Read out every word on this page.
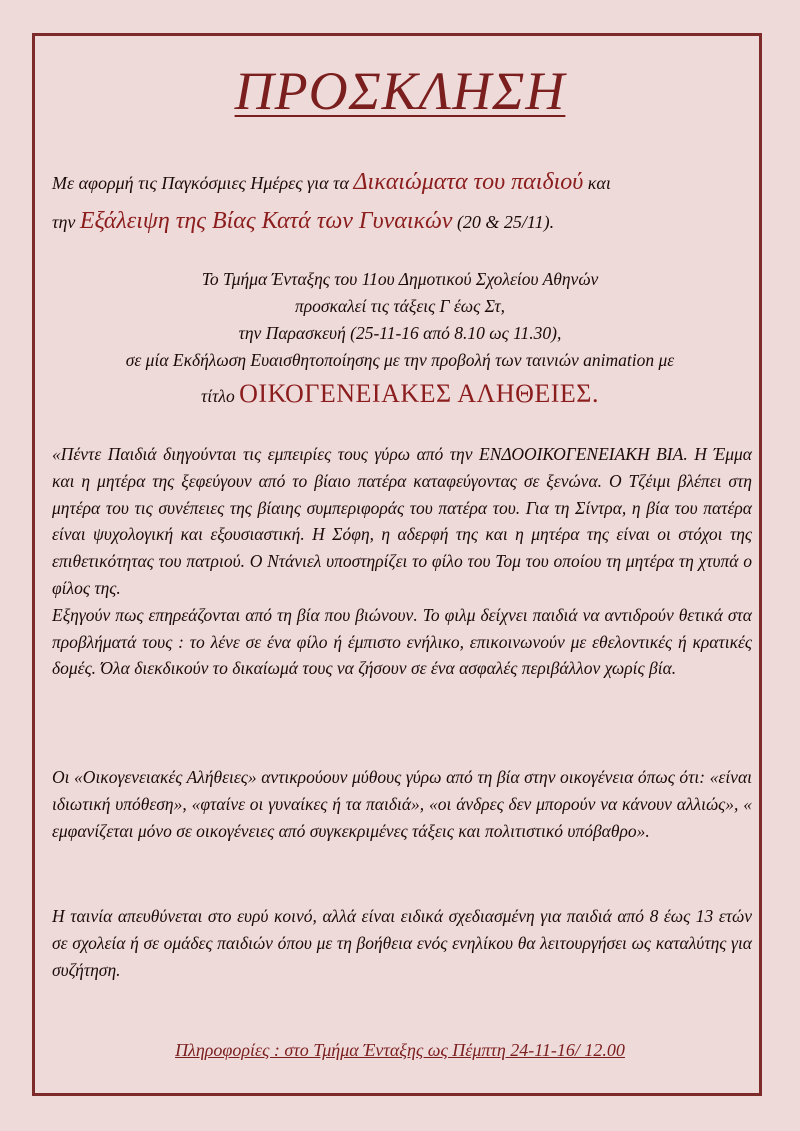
ΠΡΟΣΚΛΗΣΗ
Με αφορμή τις Παγκόσμιες Ημέρες για τα Δικαιώματα του παιδιού και
την Εξάλειψη της Βίας Κατά των Γυναικών (20 & 25/11).
Το Τμήμα Ένταξης του 11ου Δημοτικού Σχολείου Αθηνών
προσκαλεί τις τάξεις Γ έως Στ,
την Παρασκευή (25-11-16 από 8.10 ως 11.30),
σε μία Εκδήλωση Ευαισθητοποίησης με την προβολή των ταινιών animation με
τίτλο ΟΙΚΟΓΕΝΕΙΑΚΕΣ ΑΛΗΘΕΙΕΣ.

«Πέντε Παιδιά διηγούνται τις εμπειρίες τους γύρω από την ΕΝΔΟΟΙΚΟΓΕΝΕΙΑΚΗ ΒΙΑ. Η Έμμα και η μητέρα της ξεφεύγουν από το βίαιο πατέρα καταφεύγοντας σε ξενώνα. Ο Τζέιμι βλέπει στη μητέρα του τις συνέπειες της βίαιης συμπεριφοράς του πατέρα του. Για τη Σίντρα, η βία του πατέρα είναι ψυχολογική και εξουσιαστική. Η Σόφη, η αδερφή της και η μητέρα της είναι οι στόχοι της επιθετικότητας του πατριού. Ο Ντάνιελ υποστηρίζει το φίλο του Τομ του οποίου τη μητέρα τη χτυπά ο φίλος της.

Εξηγούν πως επηρεάζονται από τη βία που βιώνουν. Το φιλμ δείχνει παιδιά να αντιδρούν θετικά στα προβλήματά τους : το λένε σε ένα φίλο ή έμπιστο ενήλικο, επικοινωνούν με εθελοντικές ή κρατικές δομές. Όλα διεκδικούν το δικαίωμά τους να ζήσουν σε ένα ασφαλές περιβάλλον χωρίς βία.

Οι «Οικογενειακές Αλήθειες» αντικρούουν μύθους γύρω από τη βία στην οικογένεια όπως ότι: «είναι ιδιωτική υπόθεση», «φταίνε οι γυναίκες ή τα παιδιά», «οι άνδρες δεν μπορούν να κάνουν αλλιώς», « εμφανίζεται μόνο σε οικογένειες από συγκεκριμένες τάξεις και πολιτιστικό υπόβαθρο».
Η ταινία απευθύνεται στο ευρύ κοινό, αλλά είναι ειδικά σχεδιασμένη για παιδιά από 8 έως 13 ετών σε σχολεία ή σε ομάδες παιδιών όπου με τη βοήθεια ενός ενηλίκου θα λειτουργήσει ως καταλύτης για συζήτηση.
Πληροφορίες : στο Τμήμα Ένταξης ως Πέμπτη 24-11-16/ 12.00
